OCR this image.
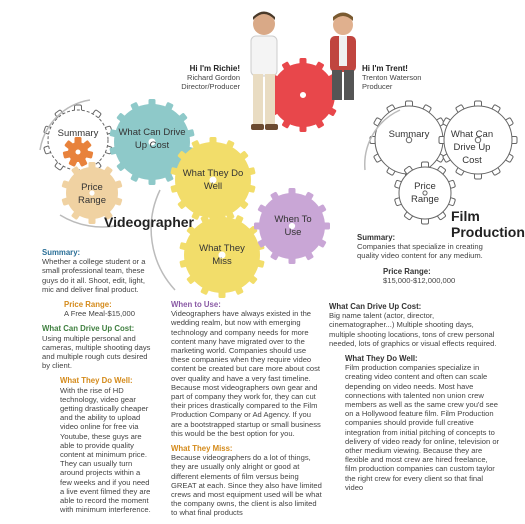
Hi I'm Richie!
Richard Gordon
Director/Producer
Hi I'm Trent!
Trenton Waterson
Producer
Summary	What Can Drive Up Cost
Price Range
What They Do Well
What They Miss
When To Use
Summary	What Can Drive Up Cost
Price Range
Videographer	Film Production
Summary:
Whether a college student or a small professional team, these guys do it all. Shoot, edit, light, mic and deliver final product.
Price Range:
A Free Meal-$15,000
What Can Drive Up Cost:
Using multiple personal and cameras, multiple shooting days and multiple rough cuts desired by client.
What They Do Well:
With the rise of HD technology, video gear getting drastically cheaper and the ability to upload video online for free via Youtube, these guys are able to provide quality content at minimum price. They can usually turn around projects within a few weeks and if you need a live event filmed they are able to record the moment with minimum interference.
When to Use:
Videographers have always existed in the wedding realm, but now with emerging technology and company needs for more content many have migrated over to the marketing world. Companies should use these companies when they require video content be created but care more about cost over quality and have a very fast timeline. Because most videographers own gear and part of company they work for, they can cut their prices drastically compared to the Film Production Company or Ad Agency. If you are a bootstrapped startup or small business this would be the best option for you.
What They Miss:
Because videographers do a lot of things, they are usually only alright or good at different elements of film versus being GREAT at each. Since they also have limited crews and most equipment used will be what the company owns, the client is also limited to what final products
Summary:
Companies that specialize in creating quality video content for any medium.
Price Range:
$15,000-$12,000,000
What Can Drive Up Cost:
Big name talent (actor, director, cinematographer...) Multiple shooting days, multiple shooting locations, tons of crew personal needed, lots of graphics or visual effects required.
What They Do Well:
Film production companies specialize in creating video content and often can scale depending on video needs. Most have connections with talented non union crew members as well as the same crew you'd see on a Hollywood feature film. Film Production companies should provide full creative integration from initial pitching of concepts to delivery of video ready for online, television or other medium viewing. Because they are flexible and most crew are hired freelance, film production companies can custom taylor the right crew for every client so that final video
